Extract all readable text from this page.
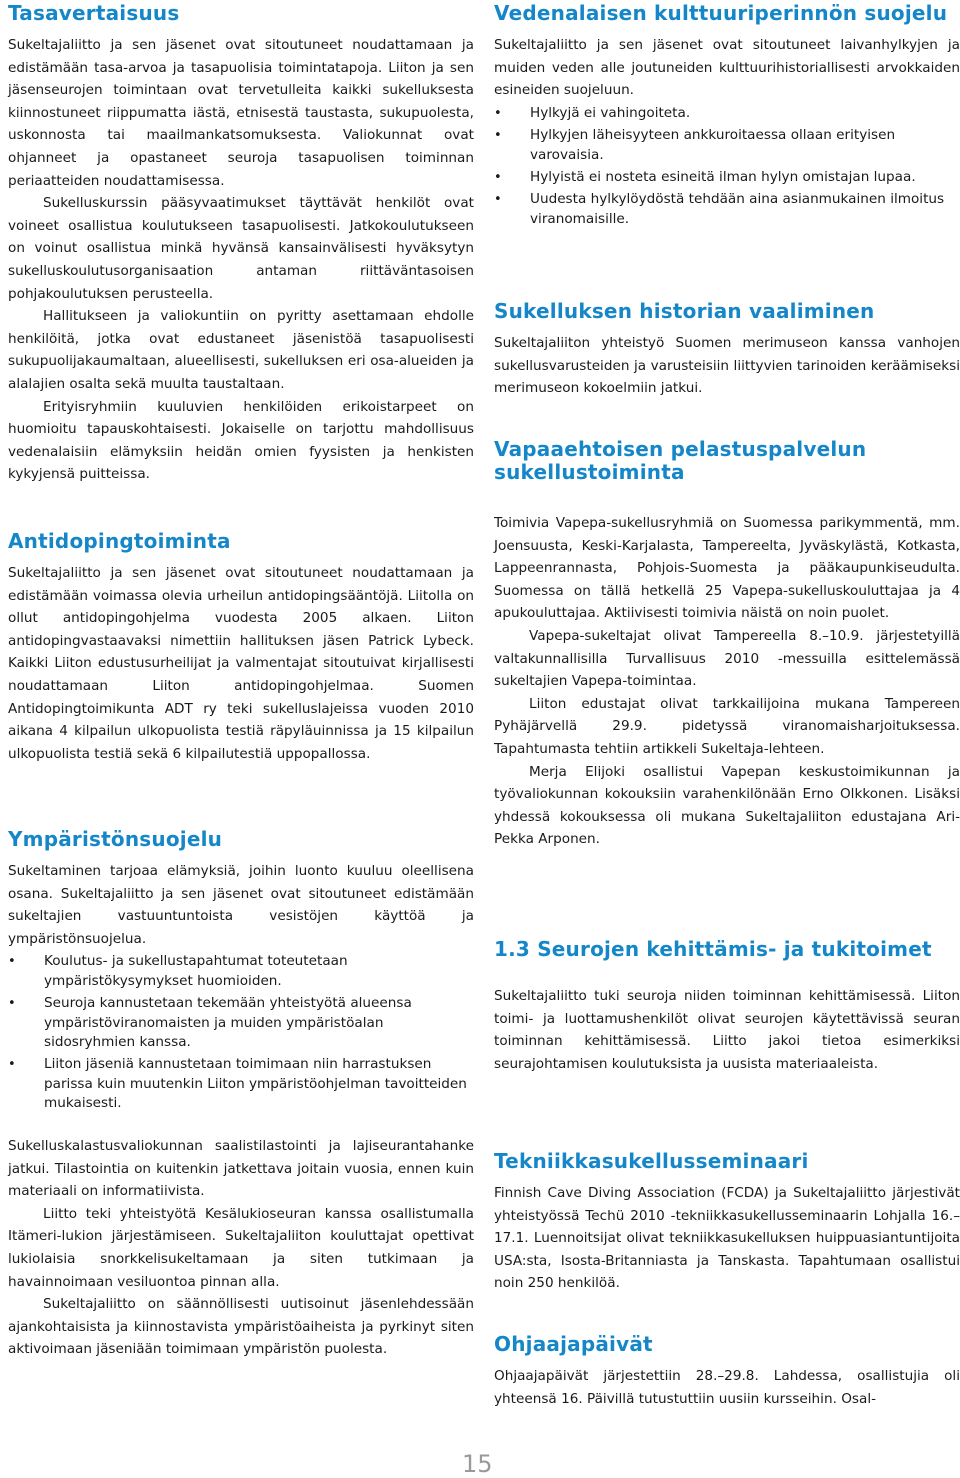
Tasavertaisuus

Sukeltajaliitto ja sen jäsenet ovat sitoutuneet noudattamaan ja edistämään tasa-arvoa ja tasapuolisia toimintatapoja. Liiton ja sen jäsenseurojen toimintaan ovat tervetulleita kaikki sukelluksesta kiinnostuneet riippumatta iästä, etnisestä taustasta, sukupuolesta, uskonnosta tai maailmankatsomuksesta. Valiokunnat ovat ohjanneet ja opastaneet seuroja tasapuolisen toiminnan periaatteiden noudattamisessa.

Sukelluskurssin pääsyvaatimukset täyttävät henkilöt ovat voineet osallistua koulutukseen tasapuolisesti. Jatkokoulutukseen on voinut osallistua minkä hyvänsä kansainvälisesti hyväksytyn sukelluskoulutusorganisaation antaman riittäväntasoisen pohjakoulutuksen perusteella.

Hallitukseen ja valiokuntiin on pyritty asettamaan ehdolle henkilöitä, jotka ovat edustaneet jäsenistöä tasapuolisesti sukupuolijakaumaltaan, alueellisesti, sukelluksen eri osa-alueiden ja alalajien osalta sekä muulta taustaltaan.

Erityisryhmiin kuuluvien henkilöiden erikoistarpeet on huomioitu tapauskohtaisesti. Jokaiselle on tarjottu mahdollisuus vedenalaisiin elämyksiin heidän omien fyysisten ja henkisten kykyjensä puitteissa.

Antidopingtoiminta

Sukeltajaliitto ja sen jäsenet ovat sitoutuneet noudattamaan ja edistämään voimassa olevia urheilun antidopingsääntöjä. Liitolla on ollut antidopingohjelma vuodesta 2005 alkaen. Liiton antidopingvastaavaksi nimettiin hallituksen jäsen Patrick Lybeck. Kaikki Liiton edustusurheilijat ja valmentajat sitoutuivat kirjallisesti noudattamaan Liiton antidopingohjelmaa. Suomen Antidopingtoimikunta ADT ry teki sukelluslajeissa vuoden 2010 aikana 4 kilpailun ulkopuolista testiä räpyläuinnissa ja 15 kilpailun ulkopuolista testiä sekä 6 kilpailutestiä uppopallossa.

Ympäristönsuojelu

Sukeltaminen tarjoaa elämyksiä, joihin luonto kuuluu oleellisena osana. Sukeltajaliitto ja sen jäsenet ovat sitoutuneet edistämään sukeltajien vastuuntuntoista vesistöjen käyttöä ja ympäristönsuojelua.

• Koulutus- ja sukellustapahtumat toteutetaan ympäristökysymykset huomioiden.
• Seuroja kannustetaan tekemään yhteistyötä alueensa ympäristöviranomaisten ja muiden ympäristöalan sidosryhmien kanssa.
• Liiton jäseniä kannustetaan toimimaan niin harrastuksen parissa kuin muutenkin Liiton ympäristöohjelman tavoitteiden mukaisesti.

Sukelluskalastusvaliokunnan saalistilastointi ja lajiseurantahanke jatkui. Tilastointia on kuitenkin jatkettava joitain vuosia, ennen kuin materiaali on informatiivista.

Liitto teki yhteistyötä Kesälukioseuran kanssa osallistumalla Itämeri-lukion järjestämiseen. Sukeltajaliiton kouluttajat opettivat lukiolaisia snorkkelisukeltamaan ja siten tutkimaan ja havainnoimaan vesiluontoa pinnan alla.

Sukeltajaliitto on säännöllisesti uutisoinut jäsenlehdessään ajankohtaisista ja kiinnostavista ympäristöaiheista ja pyrkinyt siten aktivoimaan jäseniään toimimaan ympäristön puolesta.

Vedenalaisen kulttuuriperinnön suojelu

Sukeltajaliitto ja sen jäsenet ovat sitoutuneet laivanhylkyjen ja muiden veden alle joutuneiden kulttuurihistoriallisesti arvokkaiden esineiden suojeluun.

• Hylkyjä ei vahingoiteta.
• Hylkyjen läheisyyteen ankkuroitaessa ollaan erityisen varovaisia.
• Hylyistä ei nosteta esineitä ilman hylyn omistajan lupaa.
• Uudesta hylkylöydöstä tehdään aina asianmukainen ilmoitus viranomaisille.
Sukelluksen historian vaaliminen

Sukeltajaliiton yhteistyö Suomen merimuseon kanssa vanhojen sukellusvarusteiden ja varusteisiin liittyvien tarinoiden keräämiseksi merimuseon kokoelmiin jatkui.

Vapaaehtoisen pelastuspalvelun sukellustoiminta

Toimivia Vapepa-sukellusryhmiä on Suomessa parikymmentä, mm. Joensuusta, Keski-Karjalasta, Tampereelta, Jyväskylästä, Kotkasta, Lappeenrannasta, Pohjois-Suomesta ja pääkaupunkiseudulta. Suomessa on tällä hetkellä 25 Vapepa-sukelluskouluttajaa ja 4 apukouluttajaa. Aktiivisesti toimivia näistä on noin puolet.

Vapepa-sukeltajat olivat Tampereella 8.–10.9. järjestetyillä valtakunnallisilla Turvallisuus 2010 -messuilla esittelemässä sukeltajien Vapepa-toimintaa.

Liiton edustajat olivat tarkkailijoina mukana Tampereen Pyhäjärvellä 29.9. pidetyssä viranomaisharjoituksessa. Tapahtumasta tehtiin artikkeli Sukeltaja-lehteen.

Merja Elijoki osallistui Vapepan keskustoimikunnan ja työvaliokunnan kokouksiin varahenkilönään Erno Olkkonen. Lisäksi yhdessä kokouksessa oli mukana Sukeltajaliiton edustajana Ari-Pekka Arponen.

1.3 Seurojen kehittämis- ja tukitoimet

Sukeltajaliitto tuki seuroja niiden toiminnan kehittämisessä. Liiton toimi- ja luottamushenkilöt olivat seurojen käytettävissä seuran toiminnan kehittämisessä. Liitto jakoi tietoa esimerkiksi seurajohtamisen koulutuksista ja uusista materiaaleista.

Tekniikkasukellusseminaari

Finnish Cave Diving Association (FCDA) ja Sukeltajaliitto järjestivät yhteistyössä Techü 2010 -tekniikkasukellusseminaarin Lohjalla 16.–17.1. Luennoitsijat olivat tekniikkasukelluksen huippuasiantuntijoita USA:sta, Isosta-Britanniasta ja Tanskasta. Tapahtumaan osallistui noin 250 henkilöä.

Ohjaajapäivät

Ohjaajapäivät järjestettiin 28.–29.8. Lahdessa, osallistujia oli yhteensä 16. Päivillä tutustuttiin uusiin kursseihin. Osal-

15
